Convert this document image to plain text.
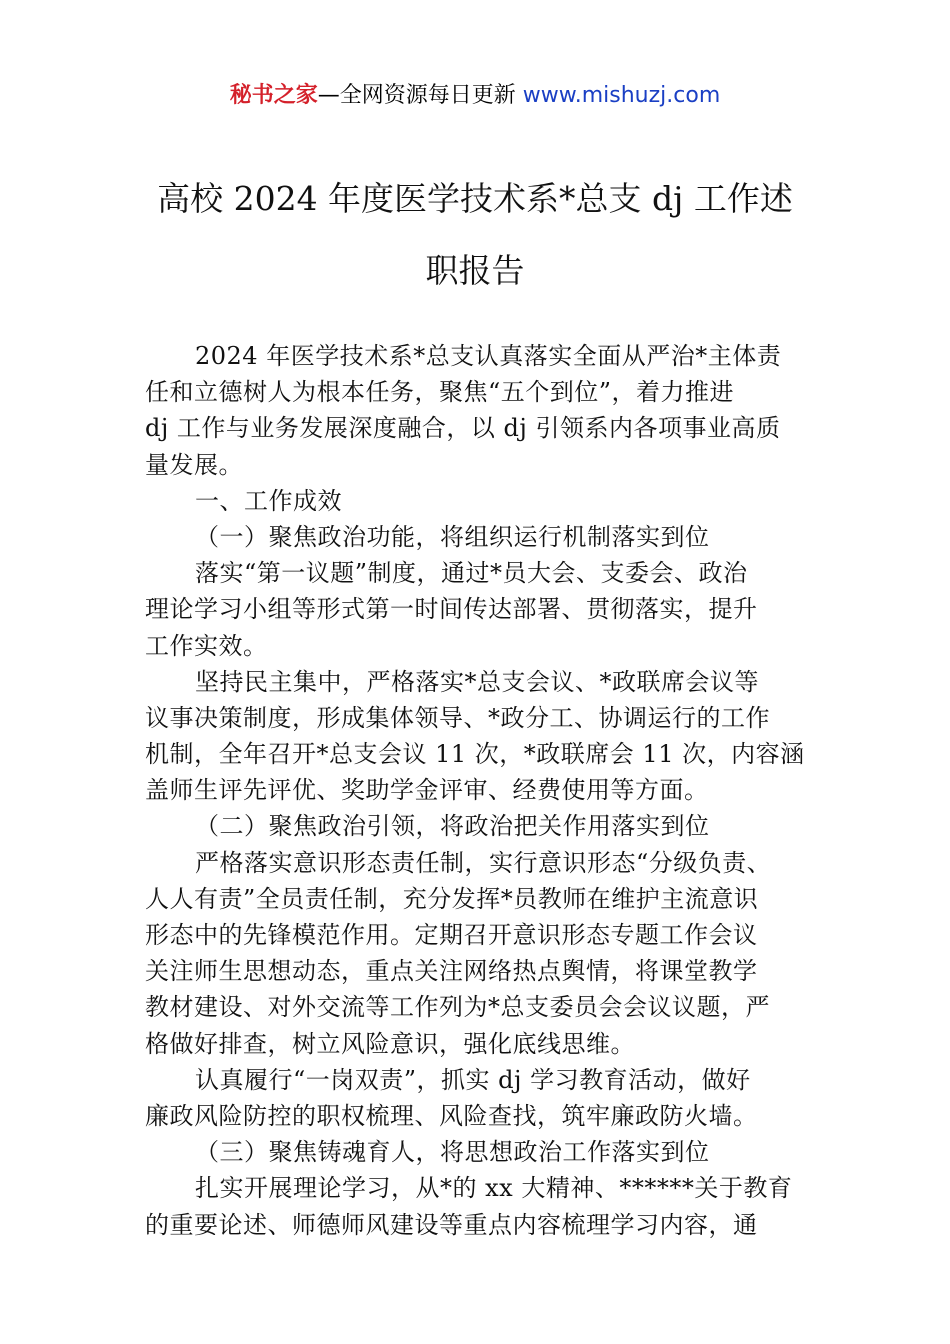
秘书之家—全网资源每日更新 www.mishuzj.com
高校 2024 年度医学技术系*总支 dj 工作述
职报告
2024 年医学技术系*总支认真落实全面从严治*主体责
任和立德树人为根本任务，聚焦“五个到位”，着力推进
dj 工作与业务发展深度融合，以 dj 引领系内各项事业高质
量发展。
一、工作成效
（一）聚焦政治功能，将组织运行机制落实到位
落实“第一议题”制度，通过*员大会、支委会、政治
理论学习小组等形式第一时间传达部署、贯彻落实，提升
工作实效。
坚持民主集中，严格落实*总支会议、*政联席会议等
议事决策制度，形成集体领导、*政分工、协调运行的工作
机制，全年召开*总支会议 11 次，*政联席会 11 次，内容涵
盖师生评先评优、奖助学金评审、经费使用等方面。
（二）聚焦政治引领，将政治把关作用落实到位
严格落实意识形态责任制，实行意识形态“分级负责、
人人有责”全员责任制，充分发挥*员教师在维护主流意识
形态中的先锋模范作用。定期召开意识形态专题工作会议
关注师生思想动态，重点关注网络热点舆情，将课堂教学
教材建设、对外交流等工作列为*总支委员会会议议题，严
格做好排查，树立风险意识，强化底线思维。
认真履行“一岗双责”，抓实 dj 学习教育活动，做好
廉政风险防控的职权梳理、风险查找，筑牢廉政防火墙。
（三）聚焦铸魂育人，将思想政治工作落实到位
扎实开展理论学习，从*的 xx 大精神、******关于教育
的重要论述、师德师风建设等重点内容梳理学习内容，通
